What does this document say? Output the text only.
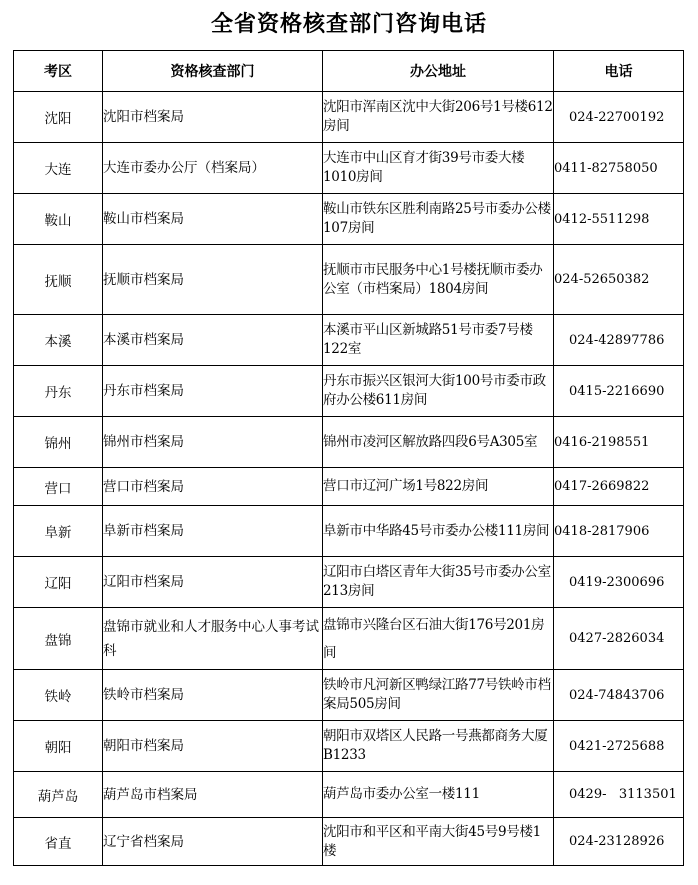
全省资格核查部门咨询电话
考区	资格核查部门	办公地址	电话
沈阳	沈阳市档案局	沈阳市浑南区沈中大街206号1号楼612房间	024-22700192
大连	大连市委办公厅（档案局）	大连市中山区育才街39号市委大楼1010房间	0411-82758050
鞍山	鞍山市档案局	鞍山市铁东区胜利南路25号市委办公楼107房间	0412-5511298
抚顺	抚顺市档案局	抚顺市市民服务中心1号楼抚顺市委办公室（市档案局）1804房间	024-52650382
本溪	本溪市档案局	本溪市平山区新城路51号市委7号楼122室	024-42897786
丹东	丹东市档案局	丹东市振兴区银河大街100号市委市政府办公楼611房间	0415-2216690
锦州	锦州市档案局	锦州市凌河区解放路四段6号A305室	0416-2198551
营口	营口市档案局	营口市辽河广场1号822房间	0417-2669822
阜新	阜新市档案局	阜新市中华路45号市委办公楼111房间	0418-2817906
辽阳	辽阳市档案局	辽阳市白塔区青年大街35号市委办公室213房间	0419-2300696
盘锦	盘锦市就业和人才服务中心人事考试科	盘锦市兴隆台区石油大街176号201房间	0427-2826034
铁岭	铁岭市档案局	铁岭市凡河新区鸭绿江路77号铁岭市档案局505房间	024-74843706
朝阳	朝阳市档案局	朝阳市双塔区人民路一号燕都商务大厦B1233	0421-2725688
葫芦岛	葫芦岛市档案局	葫芦岛市委办公室一楼111	0429-   3113501
省直	辽宁省档案局	沈阳市和平区和平南大街45号9号楼1楼	024-23128926
